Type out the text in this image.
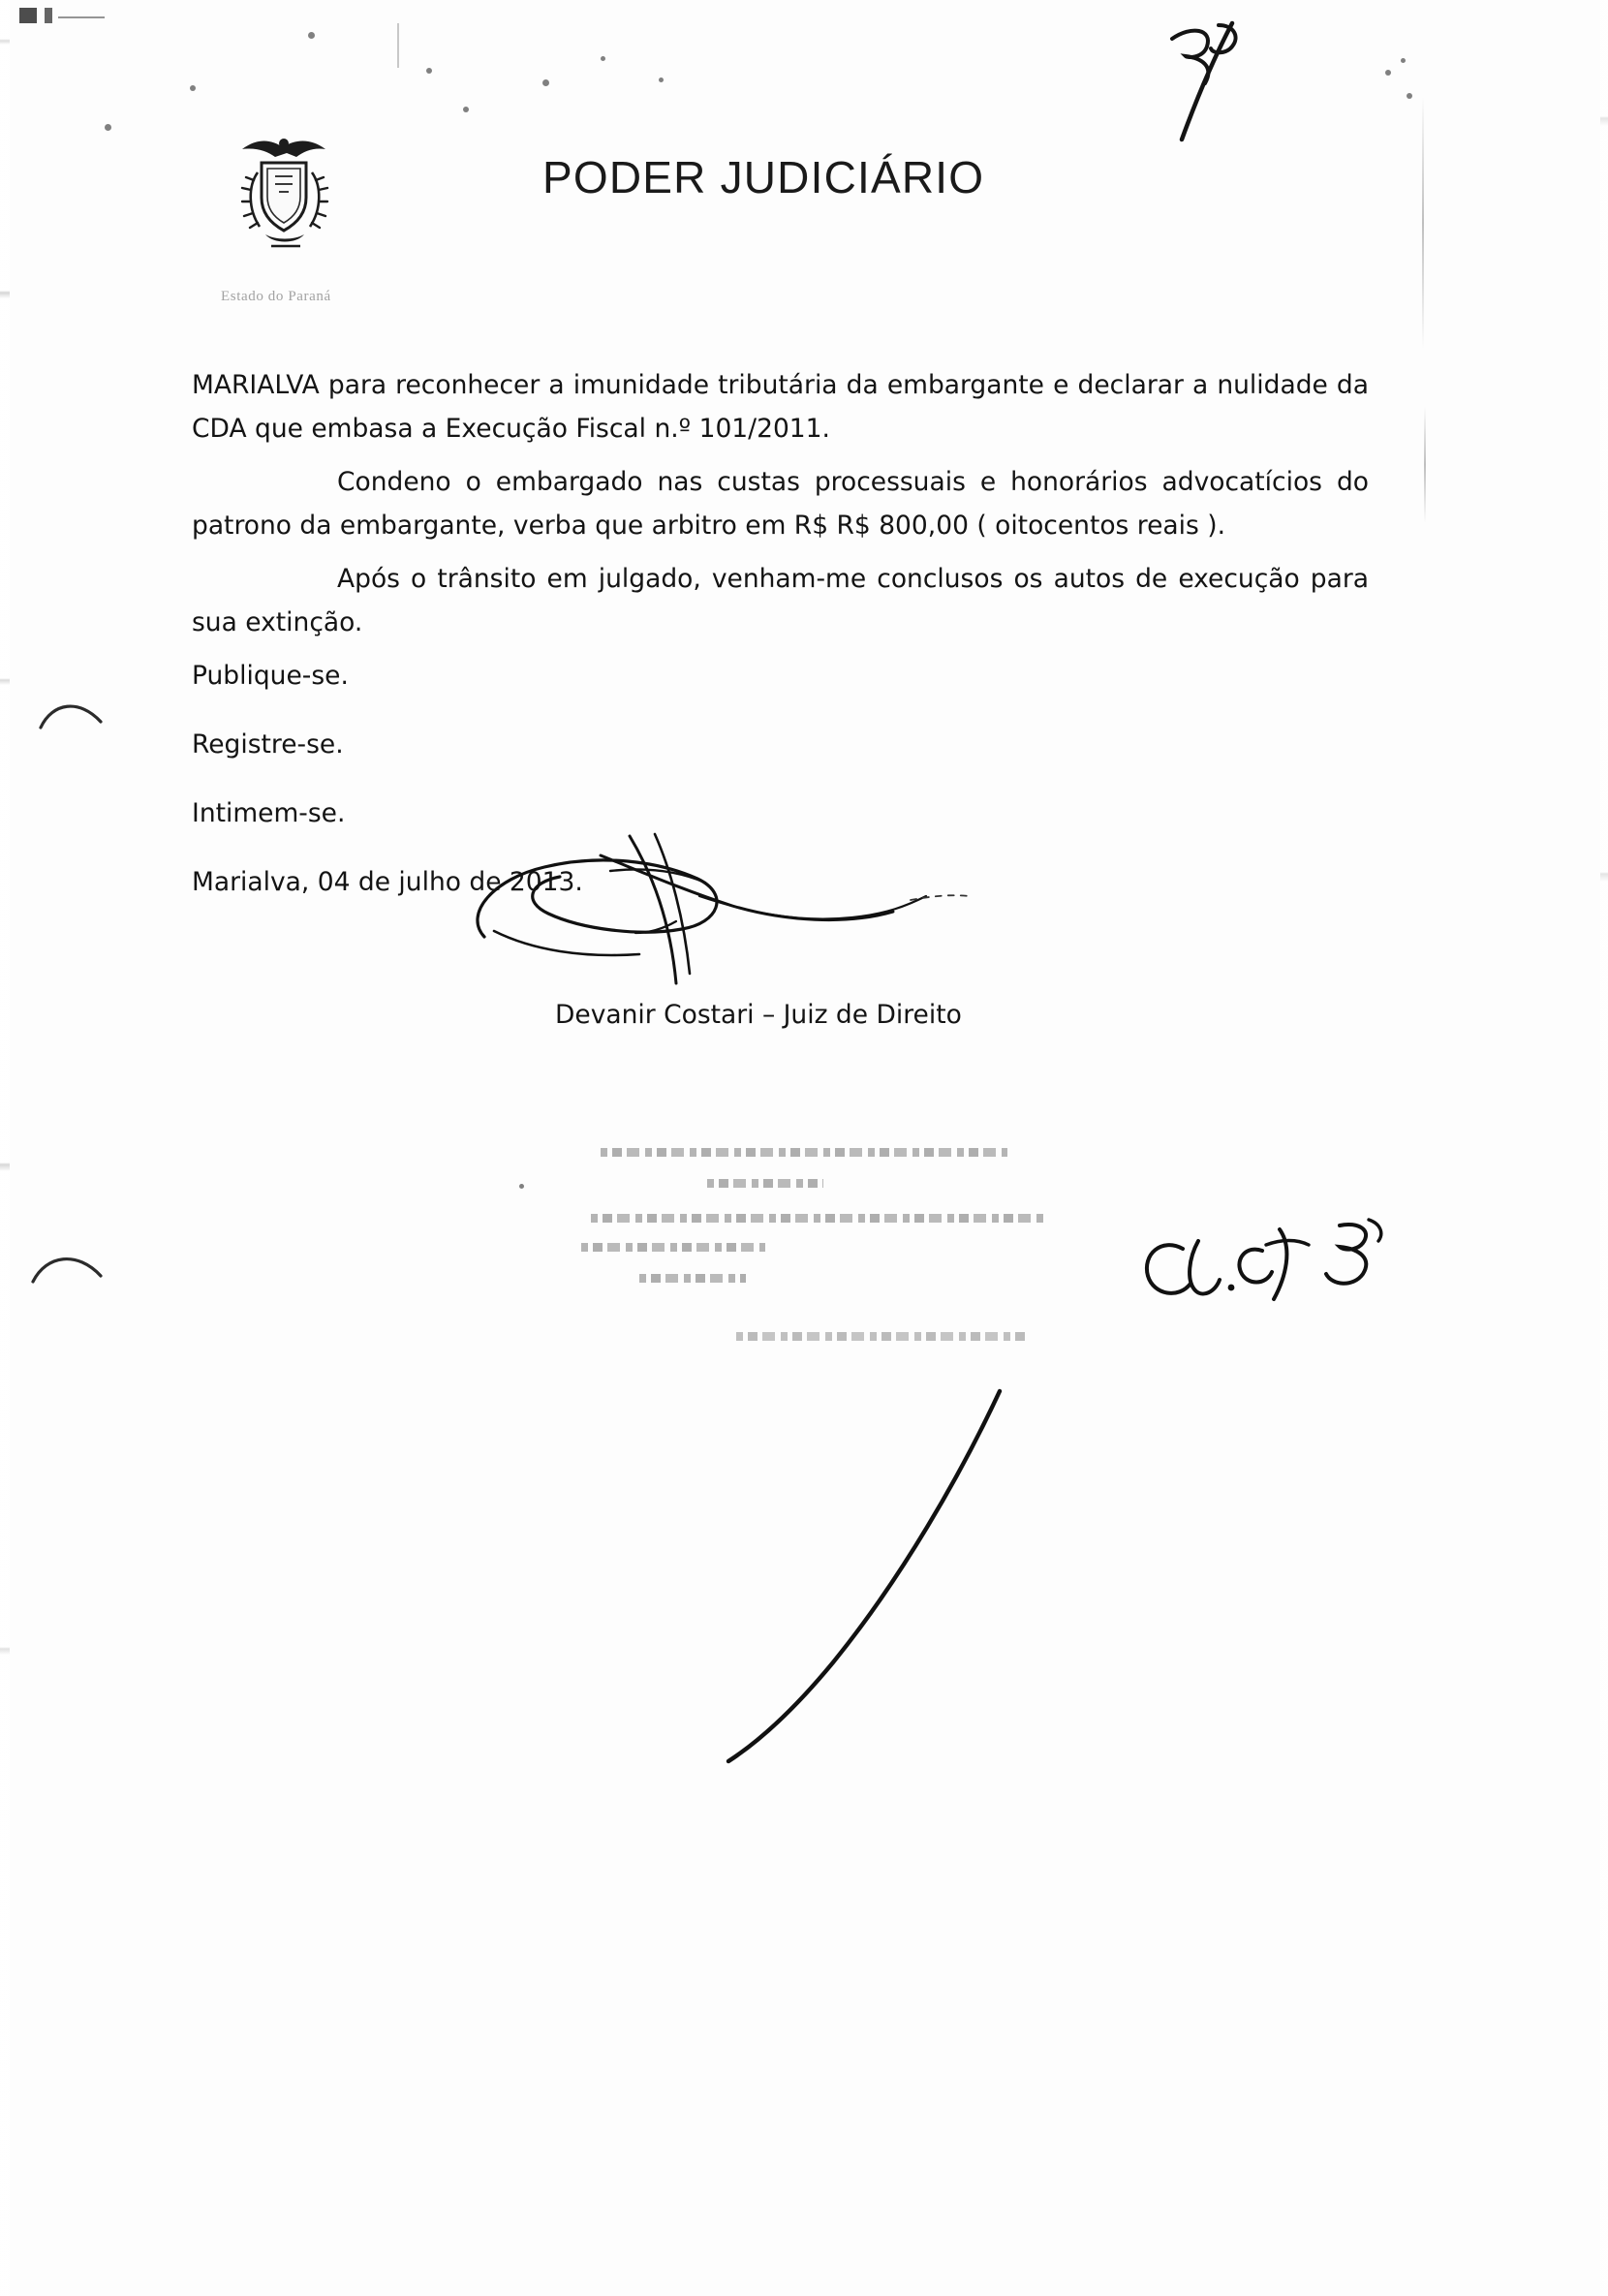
PODER JUDICIÁRIO
Estado do Paraná

MARIALVA para reconhecer a imunidade tributária da embargante e declarar a nulidade da CDA que embasa a Execução Fiscal n.º 101/2011.

Condeno o embargado nas custas processuais e honorários advocatícios do patrono da embargante, verba que arbitro em R$ R$ 800,00 ( oitocentos reais ).

Após o trânsito em julgado, venham-me conclusos os autos de execução para sua extinção.

Publique-se.

Registre-se.

Intimem-se.

Marialva, 04 de julho de 2013.

Devanir Costari – Juiz de Direito
